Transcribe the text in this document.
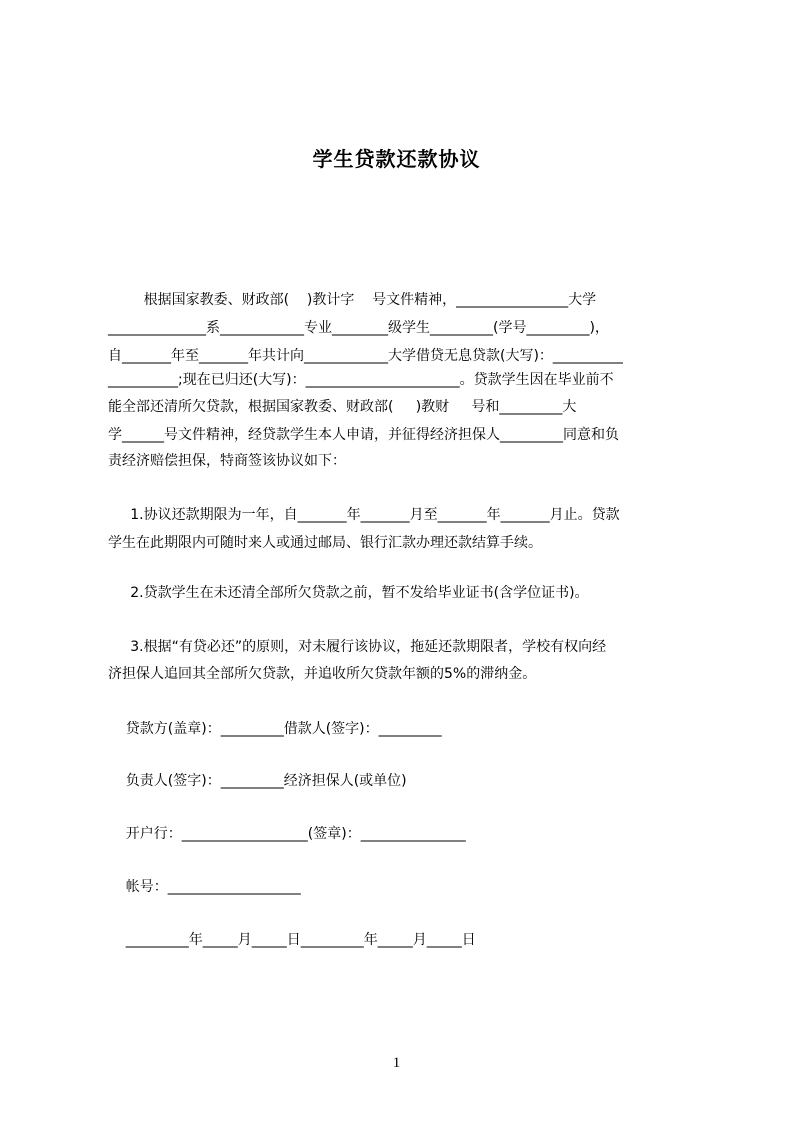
学生贷款还款协议
根据国家教委、财政部(    )教计字    号文件精神，________________大学
______________系____________专业________级学生_________(学号_________)，
自_______年至_______年共计向____________大学借贷无息贷款(大写)：__________
__________;现在已归还(大写)：______________________。贷款学生因在毕业前不
能全部还清所欠贷款，根据国家教委、财政部(     )教财     号和_________大
学______号文件精神，经贷款学生本人申请，并征得经济担保人_________同意和负
责经济赔偿担保，特商签该协议如下：
1.协议还款期限为一年，自_______年_______月至_______年_______月止。贷款
学生在此期限内可随时来人或通过邮局、银行汇款办理还款结算手续。
2.贷款学生在未还清全部所欠贷款之前，暂不发给毕业证书(含学位证书)。
3.根据“有贷必还”的原则，对未履行该协议，拖延还款期限者，学校有权向经
济担保人追回其全部所欠贷款，并追收所欠贷款年额的5%的滞纳金。
贷款方(盖章)：_________借款人(签字)：_________
负责人(签字)：_________经济担保人(或单位)
开户行：__________________(签章)：_______________
帐号：___________________
_________年_____月_____日_________年_____月_____日
1
